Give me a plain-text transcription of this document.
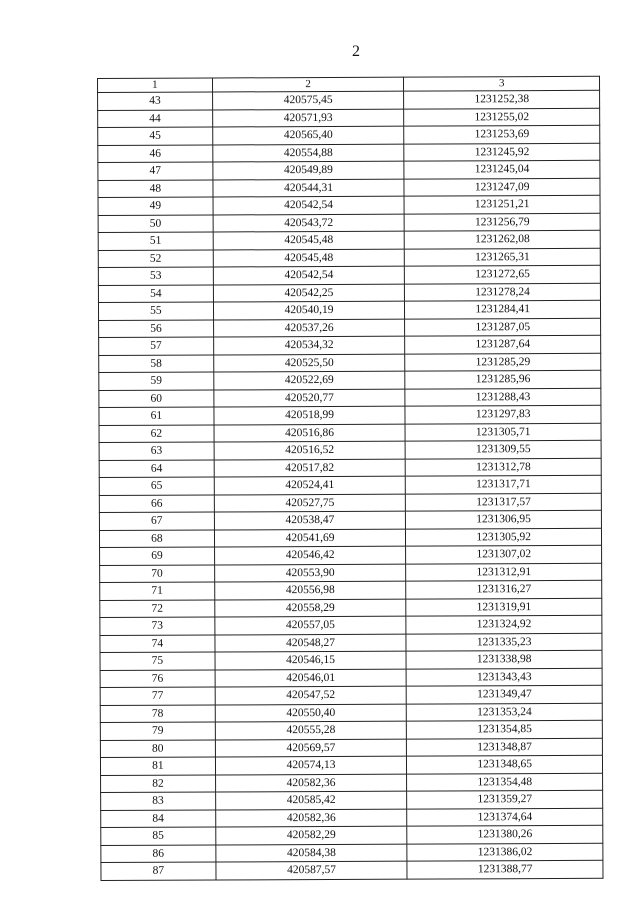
2
1	2	3
43	420575,45	1231252,38
44	420571,93	1231255,02
45	420565,40	1231253,69
46	420554,88	1231245,92
47	420549,89	1231245,04
48	420544,31	1231247,09
49	420542,54	1231251,21
50	420543,72	1231256,79
51	420545,48	1231262,08
52	420545,48	1231265,31
53	420542,54	1231272,65
54	420542,25	1231278,24
55	420540,19	1231284,41
56	420537,26	1231287,05
57	420534,32	1231287,64
58	420525,50	1231285,29
59	420522,69	1231285,96
60	420520,77	1231288,43
61	420518,99	1231297,83
62	420516,86	1231305,71
63	420516,52	1231309,55
64	420517,82	1231312,78
65	420524,41	1231317,71
66	420527,75	1231317,57
67	420538,47	1231306,95
68	420541,69	1231305,92
69	420546,42	1231307,02
70	420553,90	1231312,91
71	420556,98	1231316,27
72	420558,29	1231319,91
73	420557,05	1231324,92
74	420548,27	1231335,23
75	420546,15	1231338,98
76	420546,01	1231343,43
77	420547,52	1231349,47
78	420550,40	1231353,24
79	420555,28	1231354,85
80	420569,57	1231348,87
81	420574,13	1231348,65
82	420582,36	1231354,48
83	420585,42	1231359,27
84	420582,36	1231374,64
85	420582,29	1231380,26
86	420584,38	1231386,02
87	420587,57	1231388,77
